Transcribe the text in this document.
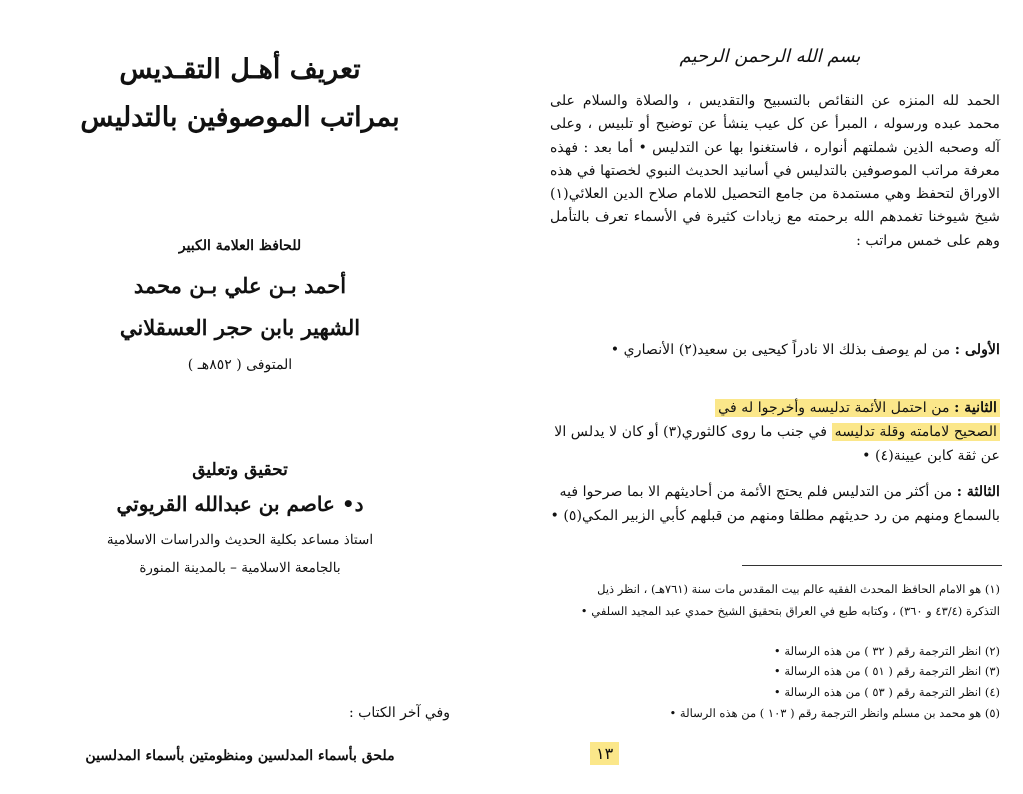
تعريف أهـل التقـديس
بمراتب الموصوفين بالتدليس
للحافظ العلامة الكبير
أحمد بـن علي بـن محمد
الشهير بابن حجر العسقلاني
المتوفى ( ٨٥٢هـ )
تحقيق وتعليق
د• عاصم بن عبدالله القريوتي
استاذ مساعد بكلية الحديث والدراسات الاسلامية
بالجامعة الاسلامية – بالمدينة المنورة
وفي آخر الكتاب :
ملحق بأسماء المدلسين ومنظومتين بأسماء المدلسين
بسم الله الرحمن الرحيم
الحمد لله المنزه عن النقائص بالتسبيح والتقديس ، والصلاة والسلام على محمد عبده ورسوله ، المبرأ عن كل عيب ينشأ عن توضيح أو تلبيس ، وعلى آله وصحبه الذين شملتهم أنواره ، فاستغنوا بها عن التدليس • أما بعد : فهذه معرفة مراتب الموصوفين بالتدليس في أسانيد الحديث النبوي لخصتها في هذه الاوراق لتحفظ وهي مستمدة من جامع التحصيل للامام صلاح الدين العلائي(١) شيخ شيوخنا تغمدهم الله برحمته مع زيادات كثيرة في الأسماء تعرف بالتأمل وهم على خمس مراتب :
الأولى : من لم يوصف بذلك الا نادراً كيحيى بن سعيد(٢) الأنصاري •
الثانية : من احتمل الأئمة تدليسه وأخرجوا له في
الصحيح لامامته وقلة تدليسه في جنب ما روى كالثوري(٣) أو كان لا يدلس الا عن ثقة كابن عيينة(٤) •
الثالثة : من أكثر من التدليس فلم يحتج الأئمة من أحاديثهم الا بما صرحوا فيه بالسماع ومنهم من رد حديثهم مطلقا ومنهم من قبلهم كأبي الزبير المكي(٥) •
(١) هو الامام الحافظ المحدث الفقيه عالم بيت المقدس مات سنة (٧٦١هـ) ، انظر ذيل التذكرة (٤٣/٤ و ٣٦٠) ، وكتابه طبع في العراق بتحقيق الشيخ حمدي عبد المجيد السلفي •
(٢) انظر الترجمة رقم ( ٣٢ ) من هذه الرسالة •
(٣) انظر الترجمة رقم ( ٥١ ) من هذه الرسالة •
(٤) انظر الترجمة رقم ( ٥٣ ) من هذه الرسالة •
(٥) هو محمد بن مسلم وانظر الترجمة رقم ( ١٠٣ ) من هذه الرسالة •
١٣
